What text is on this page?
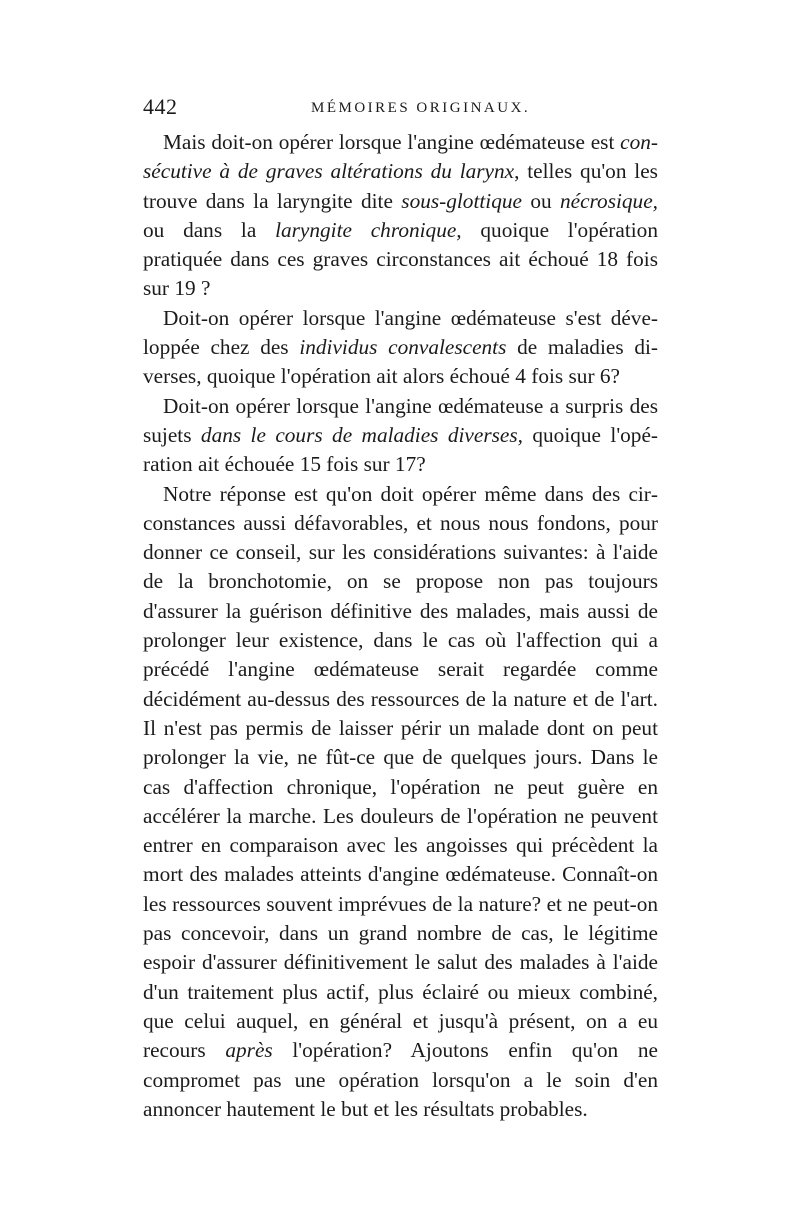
442	MÉMOIRES ORIGINAUX.

Mais doit-on opérer lorsque l'angine œdémateuse est consécutive à de graves altérations du larynx, telles qu'on les trouve dans la laryngite dite sous-glottique ou nécrosique, ou dans la laryngite chronique, quoique l'opération pratiquée dans ces graves circonstances ait échoué 18 fois sur 19 ?

Doit-on opérer lorsque l'angine œdémateuse s'est développée chez des individus convalescents de maladies diverses, quoique l'opération ait alors échoué 4 fois sur 6?

Doit-on opérer lorsque l'angine œdémateuse a surpris des sujets dans le cours de maladies diverses, quoique l'opération ait échouée 15 fois sur 17?

Notre réponse est qu'on doit opérer même dans des circonstances aussi défavorables, et nous nous fondons, pour donner ce conseil, sur les considérations suivantes: à l'aide de la bronchotomie, on se propose non pas toujours d'assurer la guérison définitive des malades, mais aussi de prolonger leur existence, dans le cas où l'affection qui a précédé l'angine œdémateuse serait regardée comme décidément au-dessus des ressources de la nature et de l'art. Il n'est pas permis de laisser périr un malade dont on peut prolonger la vie, ne fût-ce que de quelques jours. Dans le cas d'affection chronique, l'opération ne peut guère en accélérer la marche. Les douleurs de l'opération ne peuvent entrer en comparaison avec les angoisses qui précèdent la mort des malades atteints d'angine œdémateuse. Connaît-on les ressources souvent imprévues de la nature? et ne peut-on pas concevoir, dans un grand nombre de cas, le légitime espoir d'assurer définitivement le salut des malades à l'aide d'un traitement plus actif, plus éclairé ou mieux combiné, que celui auquel, en général et jusqu'à présent, on a eu recours après l'opération? Ajoutons enfin qu'on ne compromet pas une opération lorsqu'on a le soin d'en annoncer hautement le but et les résultats probables.
